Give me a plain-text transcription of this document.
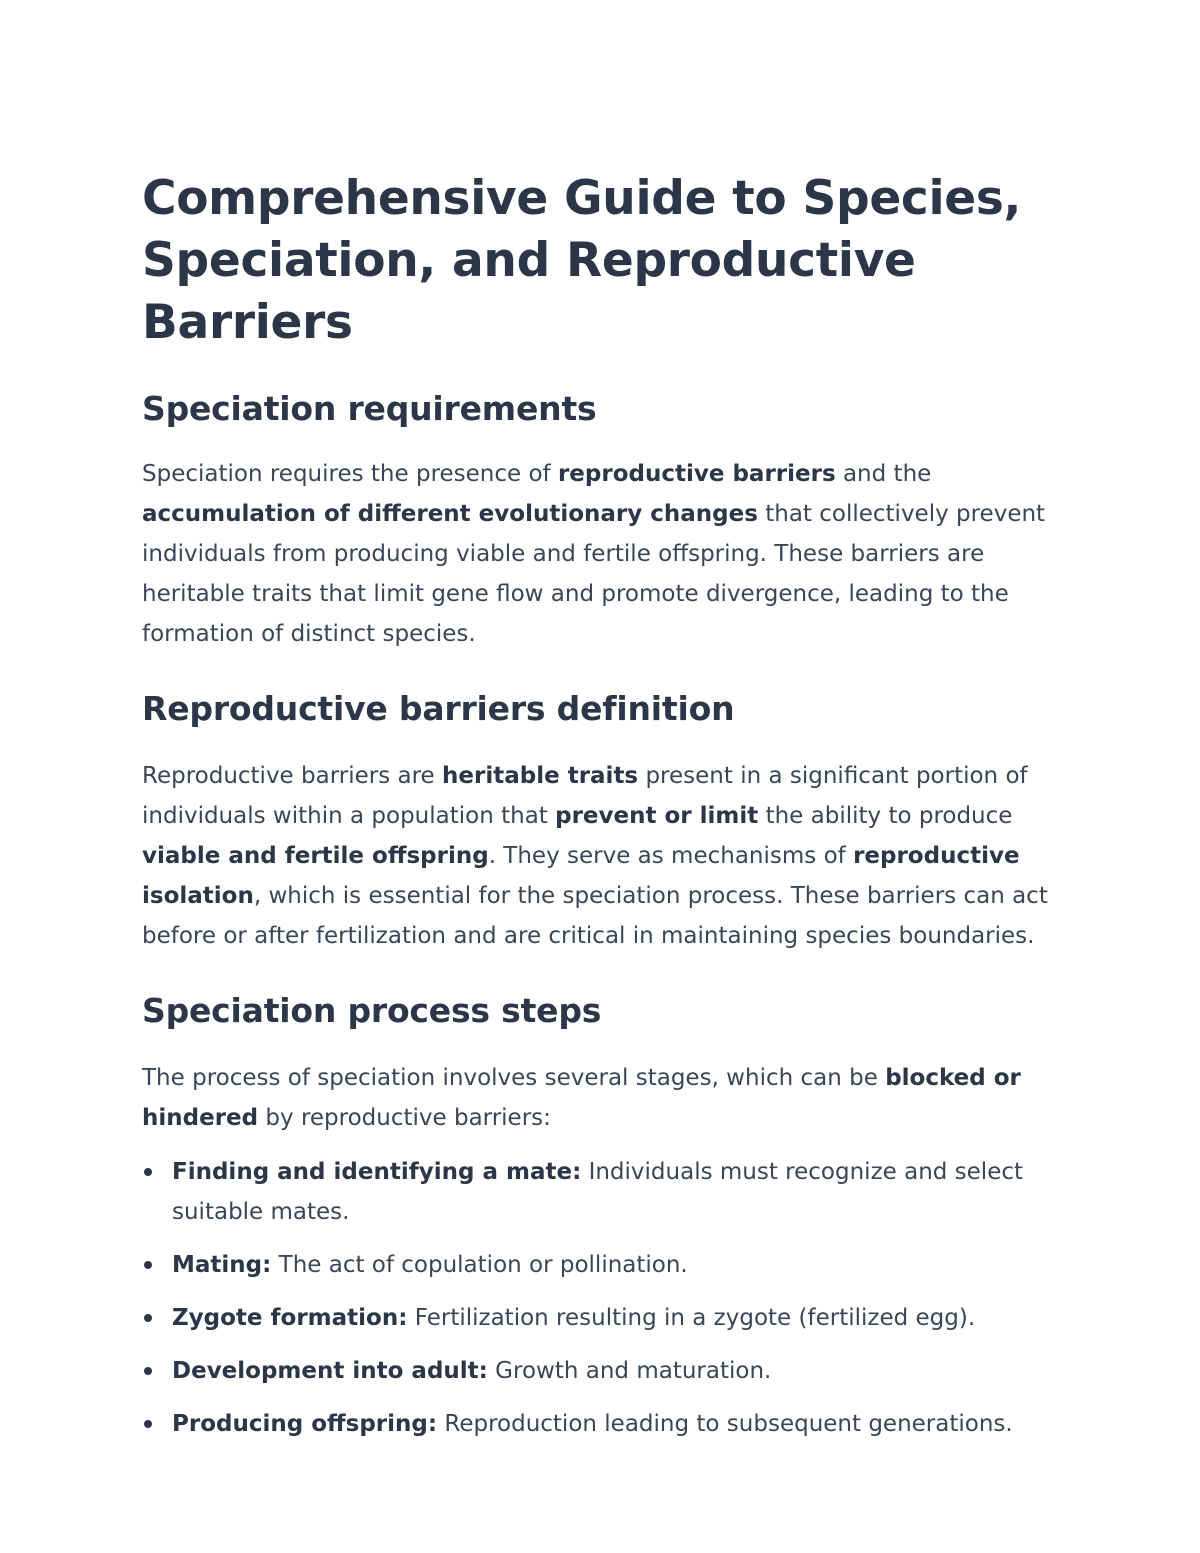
Comprehensive Guide to Species, Speciation, and Reproductive Barriers
Speciation requirements

Speciation requires the presence of reproductive barriers and the accumulation of different evolutionary changes that collectively prevent individuals from producing viable and fertile offspring. These barriers are heritable traits that limit gene flow and promote divergence, leading to the formation of distinct species.

Reproductive barriers definition

Reproductive barriers are heritable traits present in a significant portion of individuals within a population that prevent or limit the ability to produce viable and fertile offspring. They serve as mechanisms of reproductive isolation, which is essential for the speciation process. These barriers can act before or after fertilization and are critical in maintaining species boundaries.

Speciation process steps

The process of speciation involves several stages, which can be blocked or hindered by reproductive barriers:

Finding and identifying a mate: Individuals must recognize and select suitable mates.
Mating: The act of copulation or pollination.
Zygote formation: Fertilization resulting in a zygote (fertilized egg).
Development into adult: Growth and maturation.
Producing offspring: Reproduction leading to subsequent generations.
